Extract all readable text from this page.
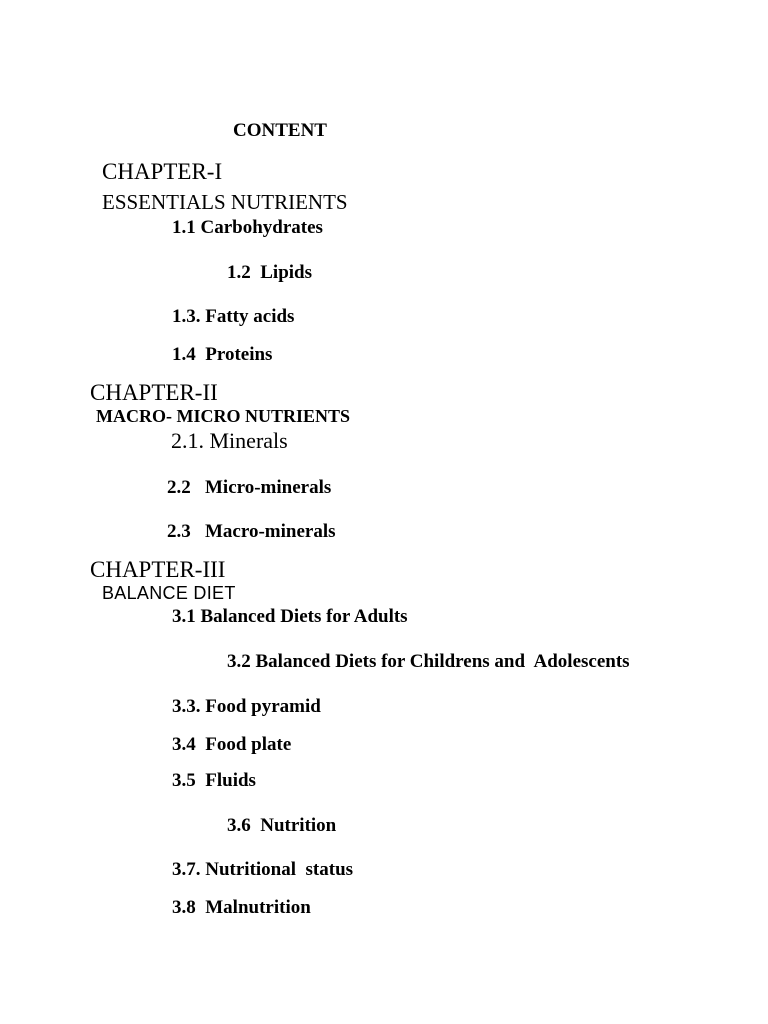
CONTENT
CHAPTER-I
ESSENTIALS NUTRIENTS
1.1 Carbohydrates
1.2  Lipids
1.3. Fatty acids
1.4  Proteins
CHAPTER-II
MACRO- MICRO NUTRIENTS
2.1. Minerals
2.2   Micro-minerals
2.3   Macro-minerals
CHAPTER-III
BALANCE DIET
3.1 Balanced Diets for Adults
3.2 Balanced Diets for Childrens and  Adolescents
3.3. Food pyramid
3.4  Food plate
3.5  Fluids
3.6  Nutrition
3.7. Nutritional  status
3.8  Malnutrition
